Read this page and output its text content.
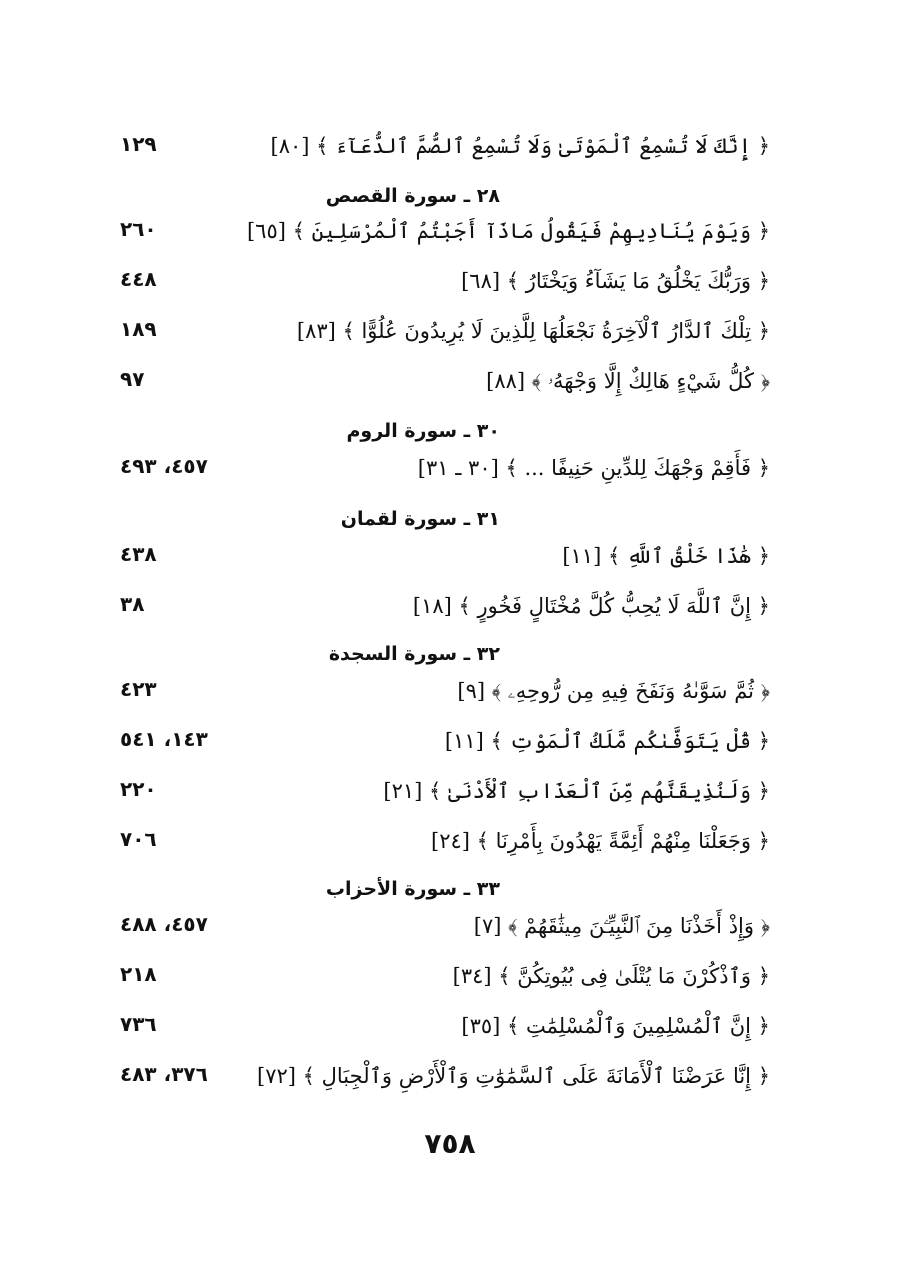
﴿ إِنَّكَ لَا تُسْمِعُ ٱلْمَوْتَىٰ وَلَا تُسْمِعُ ٱلصُّمَّ ٱلدُّعَآءَ ﴾ [٨٠]
١٢٩
٢٨ ـ سورة القصص
﴿ وَيَوْمَ يُنَادِيهِمْ فَيَقُولُ مَاذَآ أَجَبْتُمُ ٱلْمُرْسَلِينَ ﴾ [٦٥]
٢٦٠
﴿ وَرَبُّكَ يَخْلُقُ مَا يَشَآءُ وَيَخْتَارُ ﴾ [٦٨]
٤٤٨
﴿ تِلْكَ ٱلدَّارُ ٱلْآخِرَةُ نَجْعَلُهَا لِلَّذِينَ لَا يُرِيدُونَ عُلُوًّا ﴾ [٨٣]
١٨٩
﴿ كُلُّ شَيْءٍ هَالِكٌ إِلَّا وَجْهَهُۥ ﴾ [٨٨]
٩٧
٣٠ ـ سورة الروم
﴿ فَأَقِمْ وَجْهَكَ لِلدِّينِ حَنِيفًا ... ﴾ [٣٠ ـ ٣١]
٤٥٧، ٤٩٣
٣١ ـ سورة لقمان
﴿ هَٰذَا خَلْقُ ٱللَّهِ ﴾ [١١]
٤٣٨
﴿ إِنَّ ٱللَّهَ لَا يُحِبُّ كُلَّ مُخْتَالٍ فَخُورٍ ﴾ [١٨]
٣٨
٣٢ ـ سورة السجدة
﴿ ثُمَّ سَوَّىٰهُ وَنَفَخَ فِيهِ مِن رُّوحِهِۦ ﴾ [٩]
٤٢٣
﴿ قُلْ يَتَوَفَّىٰكُم مَّلَكُ ٱلْمَوْتِ ﴾ [١١]
١٤٣، ٥٤١
﴿ وَلَنُذِيقَنَّهُم مِّنَ ٱلْعَذَابِ ٱلْأَدْنَىٰ ﴾ [٢١]
٢٢٠
﴿ وَجَعَلْنَا مِنْهُمْ أَئِمَّةً يَهْدُونَ بِأَمْرِنَا ﴾ [٢٤]
٧٠٦
٣٣ ـ سورة الأحزاب
﴿ وَإِذْ أَخَذْنَا مِنَ ٱلنَّبِيِّـۧنَ مِيثَٰقَهُمْ ﴾ [٧]
٤٥٧، ٤٨٨
﴿ وَٱذْكُرْنَ مَا يُتْلَىٰ فِى بُيُوتِكُنَّ ﴾ [٣٤]
٢١٨
﴿ إِنَّ ٱلْمُسْلِمِينَ وَٱلْمُسْلِمَٰتِ ﴾ [٣٥]
٧٣٦
﴿ إِنَّا عَرَضْنَا ٱلْأَمَانَةَ عَلَى ٱلسَّمَٰوَٰتِ وَٱلْأَرْضِ وَٱلْجِبَالِ ﴾ [٧٢]
٣٧٦، ٤٨٣
٧٥٨
